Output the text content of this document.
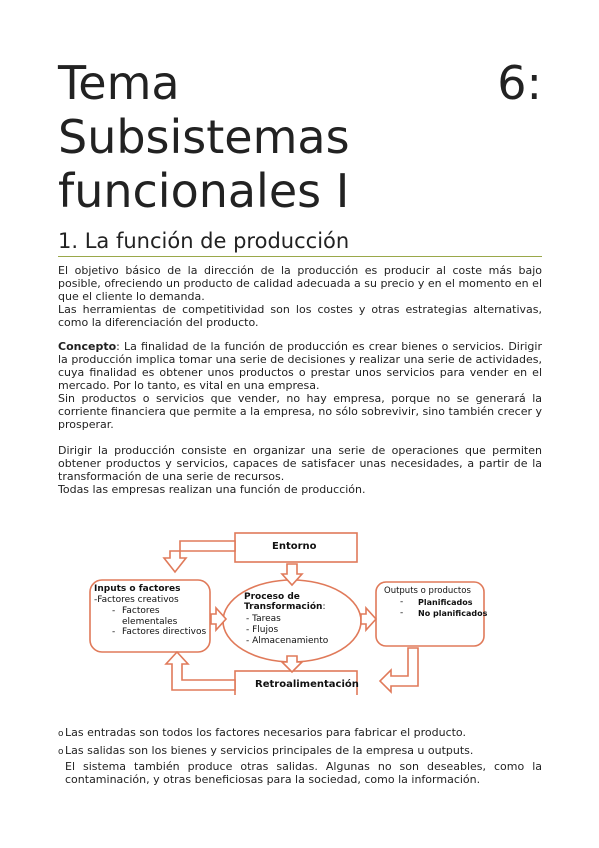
Tema	6:
Subsistemas
funcionales I
1. La función de producción

El objetivo básico de la dirección de la producción es producir al coste más bajo posible, ofreciendo un producto de calidad adecuada a su precio y en el momento en el que el cliente lo demanda.

Las herramientas de competitividad son los costes y otras estrategias alternativas, como la diferenciación del producto.

Concepto: La finalidad de la función de producción es crear bienes o servicios. Dirigir la producción implica tomar una serie de decisiones y realizar una serie de actividades, cuya finalidad es obtener unos productos o prestar unos servicios para vender en el mercado. Por lo tanto, es vital en una empresa.

Sin productos o servicios que vender, no hay empresa, porque no se generará la corriente financiera que permite a la empresa, no sólo sobrevivir, sino también crecer y prosperar.

Dirigir la producción consiste en organizar una serie de operaciones que permiten obtener productos y servicios, capaces de satisfacer unas necesidades, a partir de la transformación de una serie de recursos.

Todas las empresas realizan una función de producción.

Entorno
Retroalimentación
Inputs o factores
-Factores creativos
- Factores
elementales
- Factores directivos
Proceso de
Transformación:
- Tareas
- Flujos
- Almacenamiento
Outputs o productos
- Planificados
- No planificados
o Las entradas son todos los factores necesarios para fabricar el producto.
o Las salidas son los bienes y servicios principales de la empresa u outputs.
El sistema también produce otras salidas. Algunas no son deseables, como la contaminación, y otras beneficiosas para la sociedad, como la información.
